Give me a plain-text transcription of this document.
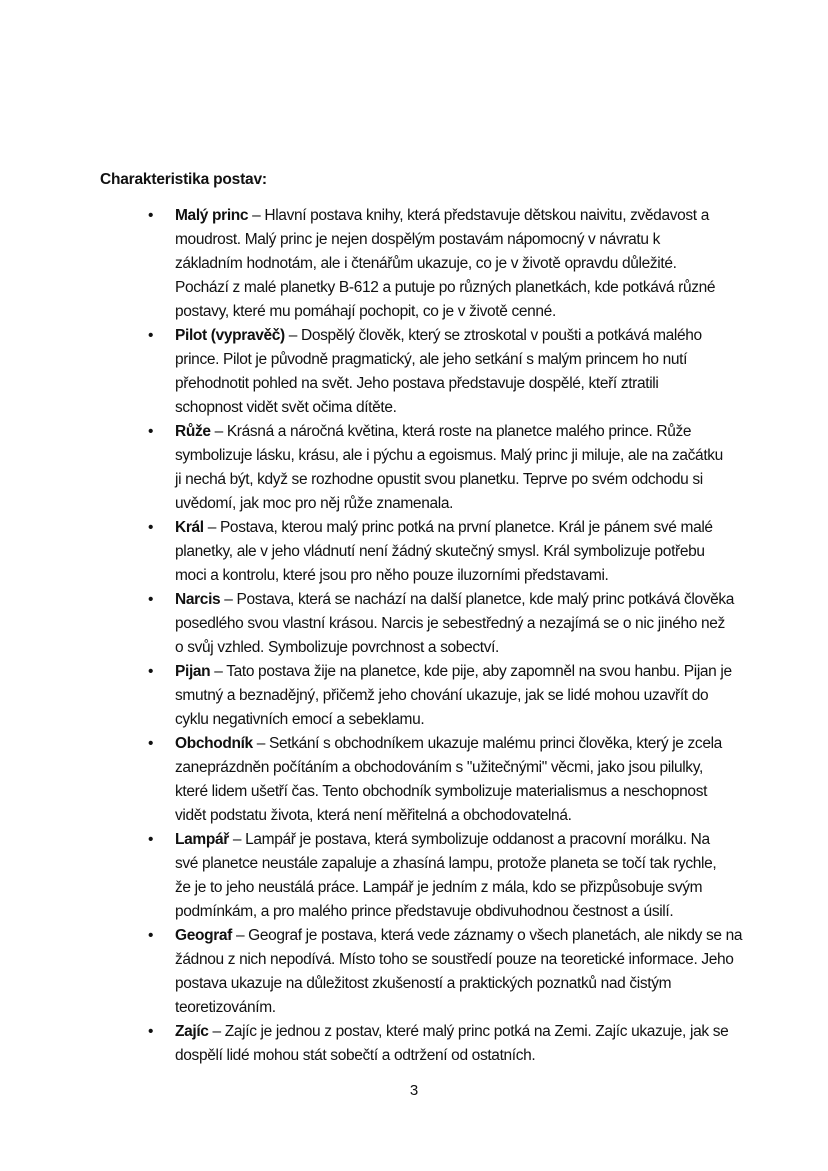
Charakteristika postav:
• Malý princ – Hlavní postava knihy, která představuje dětskou naivitu, zvědavost a
moudrost. Malý princ je nejen dospělým postavám nápomocný v návratu k
základním hodnotám, ale i čtenářům ukazuje, co je v životě opravdu důležité.
Pochází z malé planetky B-612 a putuje po různých planetkách, kde potkává různé
postavy, které mu pomáhají pochopit, co je v životě cenné.
• Pilot (vypravěč) – Dospělý člověk, který se ztroskotal v poušti a potkává malého
prince. Pilot je původně pragmatický, ale jeho setkání s malým princem ho nutí
přehodnotit pohled na svět. Jeho postava představuje dospělé, kteří ztratili
schopnost vidět svět očima dítěte.
• Růže – Krásná a náročná květina, která roste na planetce malého prince. Růže
symbolizuje lásku, krásu, ale i pýchu a egoismus. Malý princ ji miluje, ale na začátku
ji nechá být, když se rozhodne opustit svou planetku. Teprve po svém odchodu si
uvědomí, jak moc pro něj růže znamenala.
• Král – Postava, kterou malý princ potká na první planetce. Král je pánem své malé
planetky, ale v jeho vládnutí není žádný skutečný smysl. Král symbolizuje potřebu
moci a kontrolu, které jsou pro něho pouze iluzorními představami.
• Narcis – Postava, která se nachází na další planetce, kde malý princ potkává člověka
posedlého svou vlastní krásou. Narcis je sebestředný a nezajímá se o nic jiného než
o svůj vzhled. Symbolizuje povrchnost a sobectví.
• Pijan – Tato postava žije na planetce, kde pije, aby zapomněl na svou hanbu. Pijan je
smutný a beznadějný, přičemž jeho chování ukazuje, jak se lidé mohou uzavřít do
cyklu negativních emocí a sebeklamu.
• Obchodník – Setkání s obchodníkem ukazuje malému princi člověka, který je zcela
zaneprázdněn počítáním a obchodováním s "užitečnými" věcmi, jako jsou pilulky,
které lidem ušetří čas. Tento obchodník symbolizuje materialismus a neschopnost
vidět podstatu života, která není měřitelná a obchodovatelná.
• Lampář – Lampář je postava, která symbolizuje oddanost a pracovní morálku. Na
své planetce neustále zapaluje a zhasíná lampu, protože planeta se točí tak rychle,
že je to jeho neustálá práce. Lampář je jedním z mála, kdo se přizpůsobuje svým
podmínkám, a pro malého prince představuje obdivuhodnou čestnost a úsilí.
• Geograf – Geograf je postava, která vede záznamy o všech planetách, ale nikdy se na
žádnou z nich nepodívá. Místo toho se soustředí pouze na teoretické informace. Jeho
postava ukazuje na důležitost zkušeností a praktických poznatků nad čistým
teoretizováním.
• Zajíc – Zajíc je jednou z postav, které malý princ potká na Zemi. Zajíc ukazuje, jak se
dospělí lidé mohou stát sobečtí a odtržení od ostatních.
3
